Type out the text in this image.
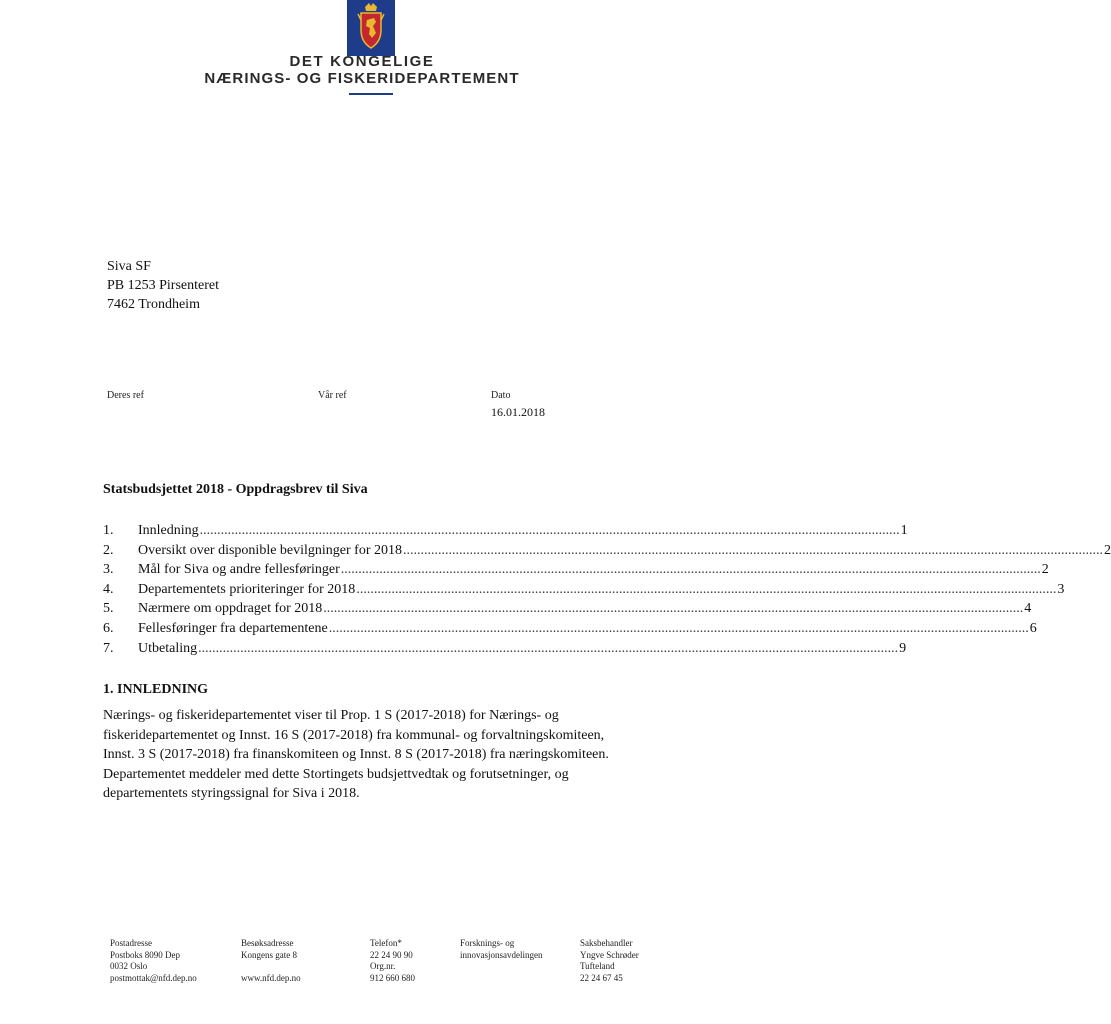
DET KONGELIGE
NÆRINGS- OG FISKERIDEPARTEMENT
Siva SF
PB 1253 Pirsenteret
7462 Trondheim
Deres ref	Vår ref	Dato
16.01.2018
Statsbudsjettet 2018 - Oppdragsbrev til Siva
1.	Innledning ........................................................................................................................................................................................................ 1
2.	Oversikt over disponible bevilgninger for 2018 ........................................................................................................................................................................................................ 2
3.	Mål for Siva og andre fellesføringer ........................................................................................................................................................................................................ 2
4.	Departementets prioriteringer for 2018 ........................................................................................................................................................................................................ 3
5.	Nærmere om oppdraget for 2018 ........................................................................................................................................................................................................ 4
6.	Fellesføringer fra departementene ........................................................................................................................................................................................................ 6
7.	Utbetaling ........................................................................................................................................................................................................ 9
1. INNLEDNING
Nærings- og fiskeridepartementet viser til Prop. 1 S (2017-2018) for Nærings- og
fiskeridepartementet og Innst. 16 S (2017-2018) fra kommunal- og forvaltningskomiteen,
Innst. 3 S (2017-2018) fra finanskomiteen og Innst. 8 S (2017-2018) fra næringskomiteen.
Departementet meddeler med dette Stortingets budsjettvedtak og forutsetninger, og
departementets styringssignal for Siva i 2018.
Postadresse
Postboks 8090 Dep
0032 Oslo
postmottak@nfd.dep.no
Besøksadresse
Kongens gate 8

www.nfd.dep.no
Telefon*
22 24 90 90
Org.nr.
912 660 680
Forsknings- og
innovasjonsavdelingen
Saksbehandler
Yngve Schrøder
Tufteland
22 24 67 45
